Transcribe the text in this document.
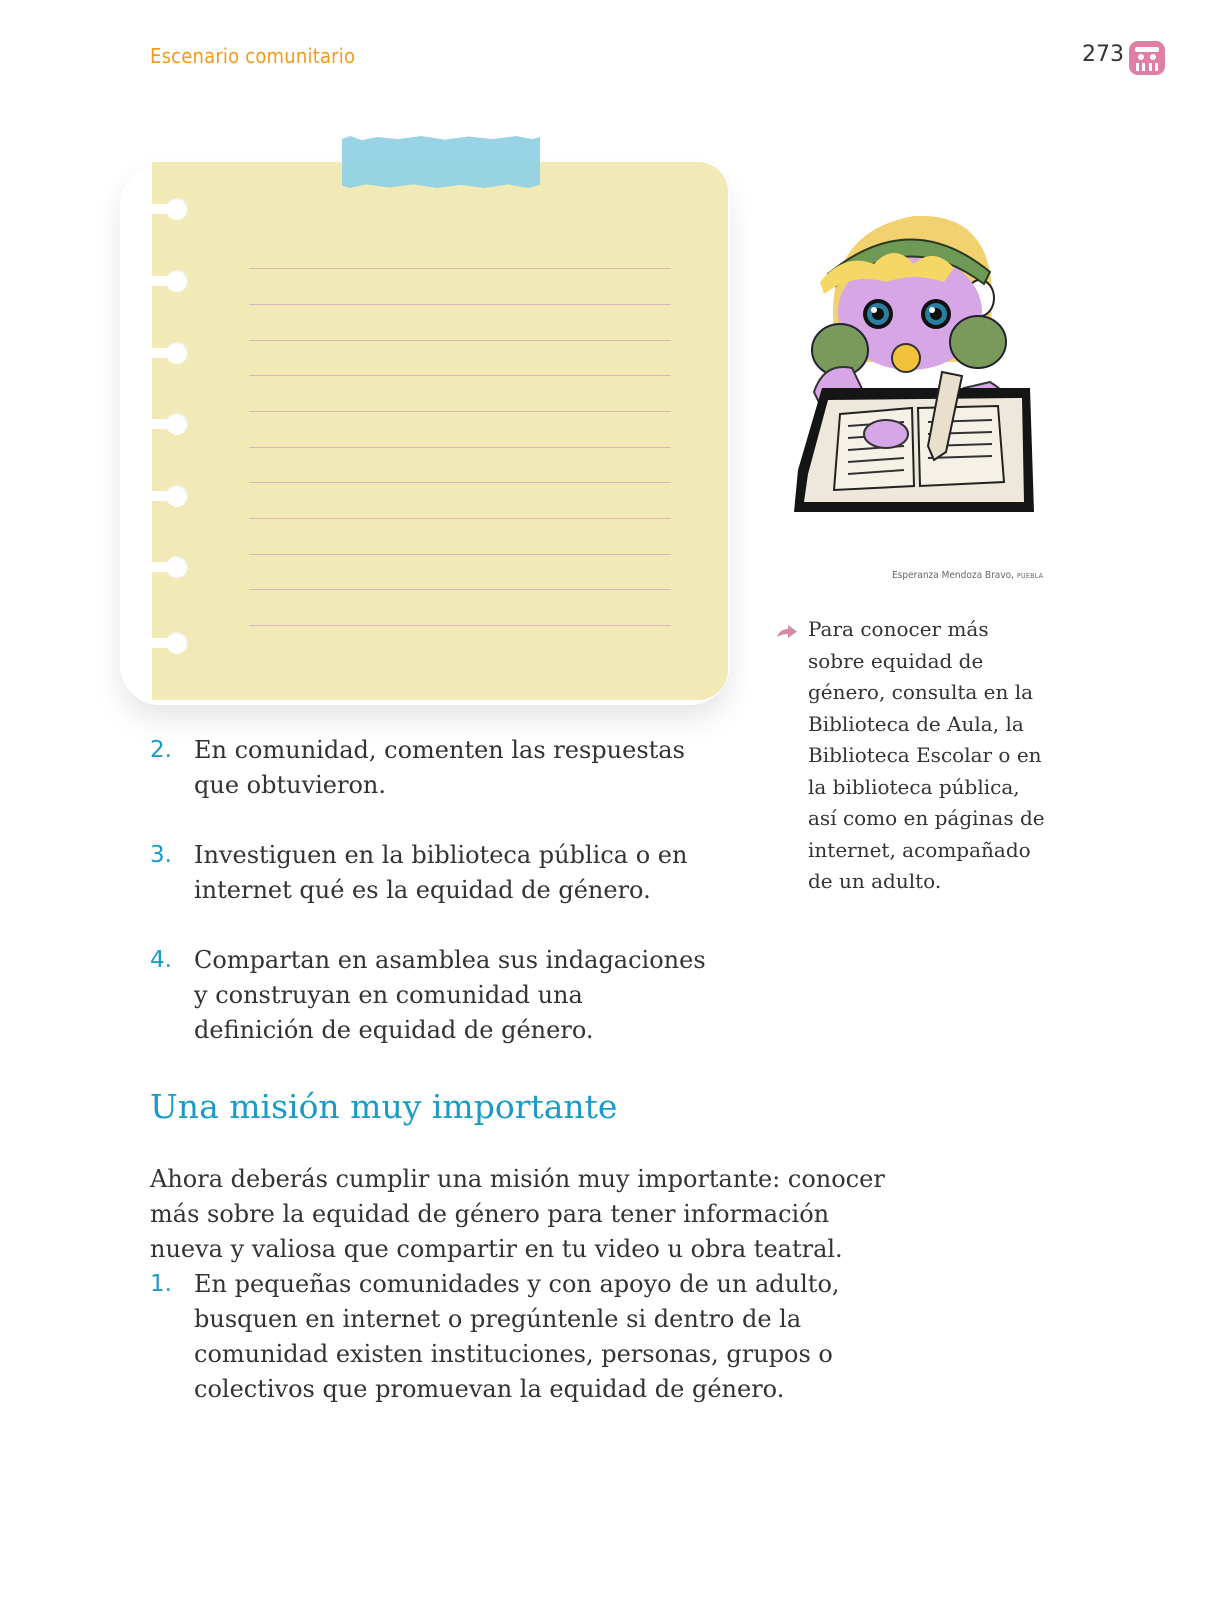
Escenario comunitario	273
Esperanza Mendoza Bravo, PUEBLA
Para conocer más
sobre equidad de
género, consulta en la
Biblioteca de Aula, la
Biblioteca Escolar o en
la biblioteca pública,
así como en páginas de
internet, acompañado
de un adulto.
2. En comunidad, comenten las respuestas
que obtuvieron.
3. Investiguen en la biblioteca pública o en
internet qué es la equidad de género.
4. Compartan en asamblea sus indagaciones
y construyan en comunidad una
definición de equidad de género.
Una misión muy importante
Ahora deberás cumplir una misión muy importante: conocer
más sobre la equidad de género para tener información
nueva y valiosa que compartir en tu video u obra teatral.
1. En pequeñas comunidades y con apoyo de un adulto,
busquen en internet o pregúntenle si dentro de la
comunidad existen instituciones, personas, grupos o
colectivos que promuevan la equidad de género.
